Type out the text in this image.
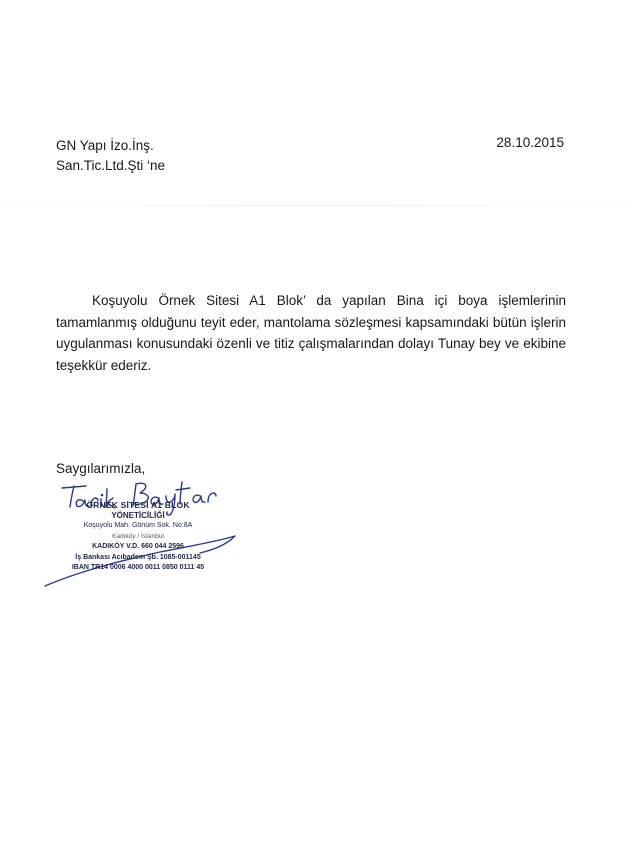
GN Yapı İzo.İnş.
San.Tic.Ltd.Şti ‘ne
28.10.2015

Koşuyolu Örnek Sitesi A1 Blok’ da yapılan Bina içi boya işlemlerinin tamamlanmış olduğunu teyit eder, mantolama sözleşmesi kapsamındaki bütün işlerin uygulanması konusundaki özenli ve titiz çalışmalarından dolayı Tunay bey ve ekibine teşekkür ederiz.

Saygılarımızla,
ÖRNEK SİTESİ A1 BLOK
YÖNETİCİLİĞİ
Koşuyolu Mah. Gönüm Sok. No:8A
Kadıköy / İstanbul
KADIKÖY V.D. 660 044 2596
İş Bankası Acıbadem Şb. 1085-001145
IBAN TR14 0006 4000 0011 0850 0111 45
